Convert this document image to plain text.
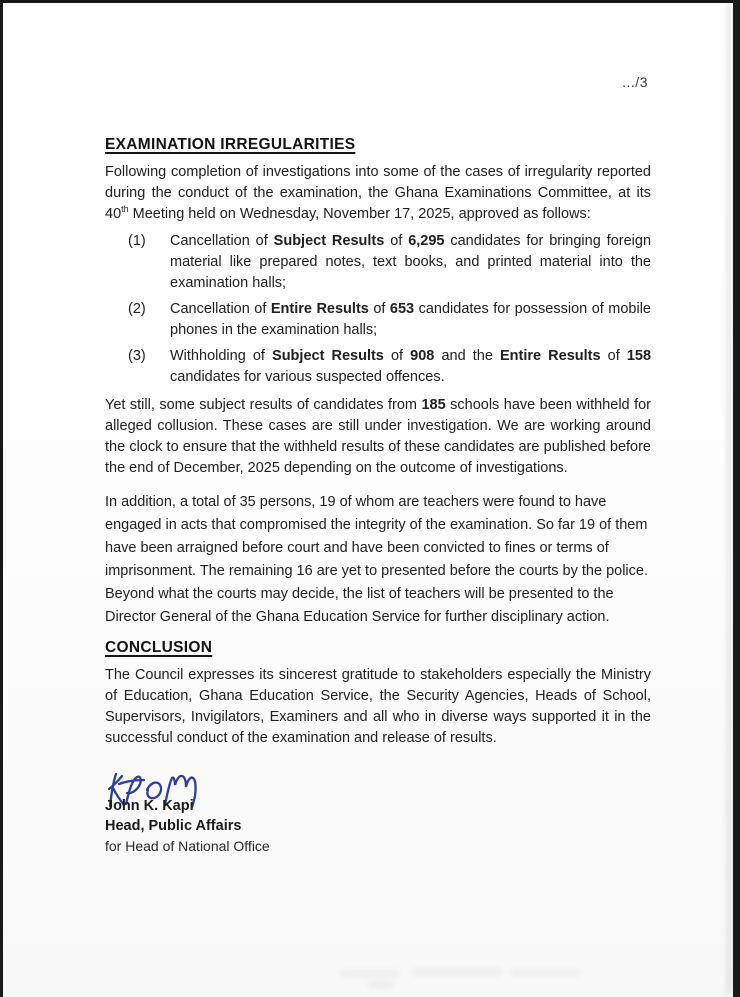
.../3
EXAMINATION IRREGULARITIES

Following completion of investigations into some of the cases of irregularity reported during the conduct of the examination, the Ghana Examinations Committee, at its 40th Meeting held on Wednesday, November 17, 2025, approved as follows:

(1)	Cancellation of Subject Results of 6,295 candidates for bringing foreign material like prepared notes, text books, and printed material into the examination halls;
(2)	Cancellation of Entire Results of 653 candidates for possession of mobile phones in the examination halls;
(3)	Withholding of Subject Results of 908 and the Entire Results of 158 candidates for various suspected offences.

Yet still, some subject results of candidates from 185 schools have been withheld for alleged collusion. These cases are still under investigation. We are working around the clock to ensure that the withheld results of these candidates are published before the end of December, 2025 depending on the outcome of investigations.

In addition, a total of 35 persons, 19 of whom are teachers were found to have engaged in acts that compromised the integrity of the examination. So far 19 of them have been arraigned before court and have been convicted to fines or terms of imprisonment. The remaining 16 are yet to presented before the courts by the police. Beyond what the courts may decide, the list of teachers will be presented to the Director General of the Ghana Education Service for further disciplinary action.

CONCLUSION

The Council expresses its sincerest gratitude to stakeholders especially the Ministry of Education, Ghana Education Service, the Security Agencies, Heads of School, Supervisors, Invigilators, Examiners and all who in diverse ways supported it in the successful conduct of the examination and release of results.

John K. Kapi
Head, Public Affairs
for Head of National Office
